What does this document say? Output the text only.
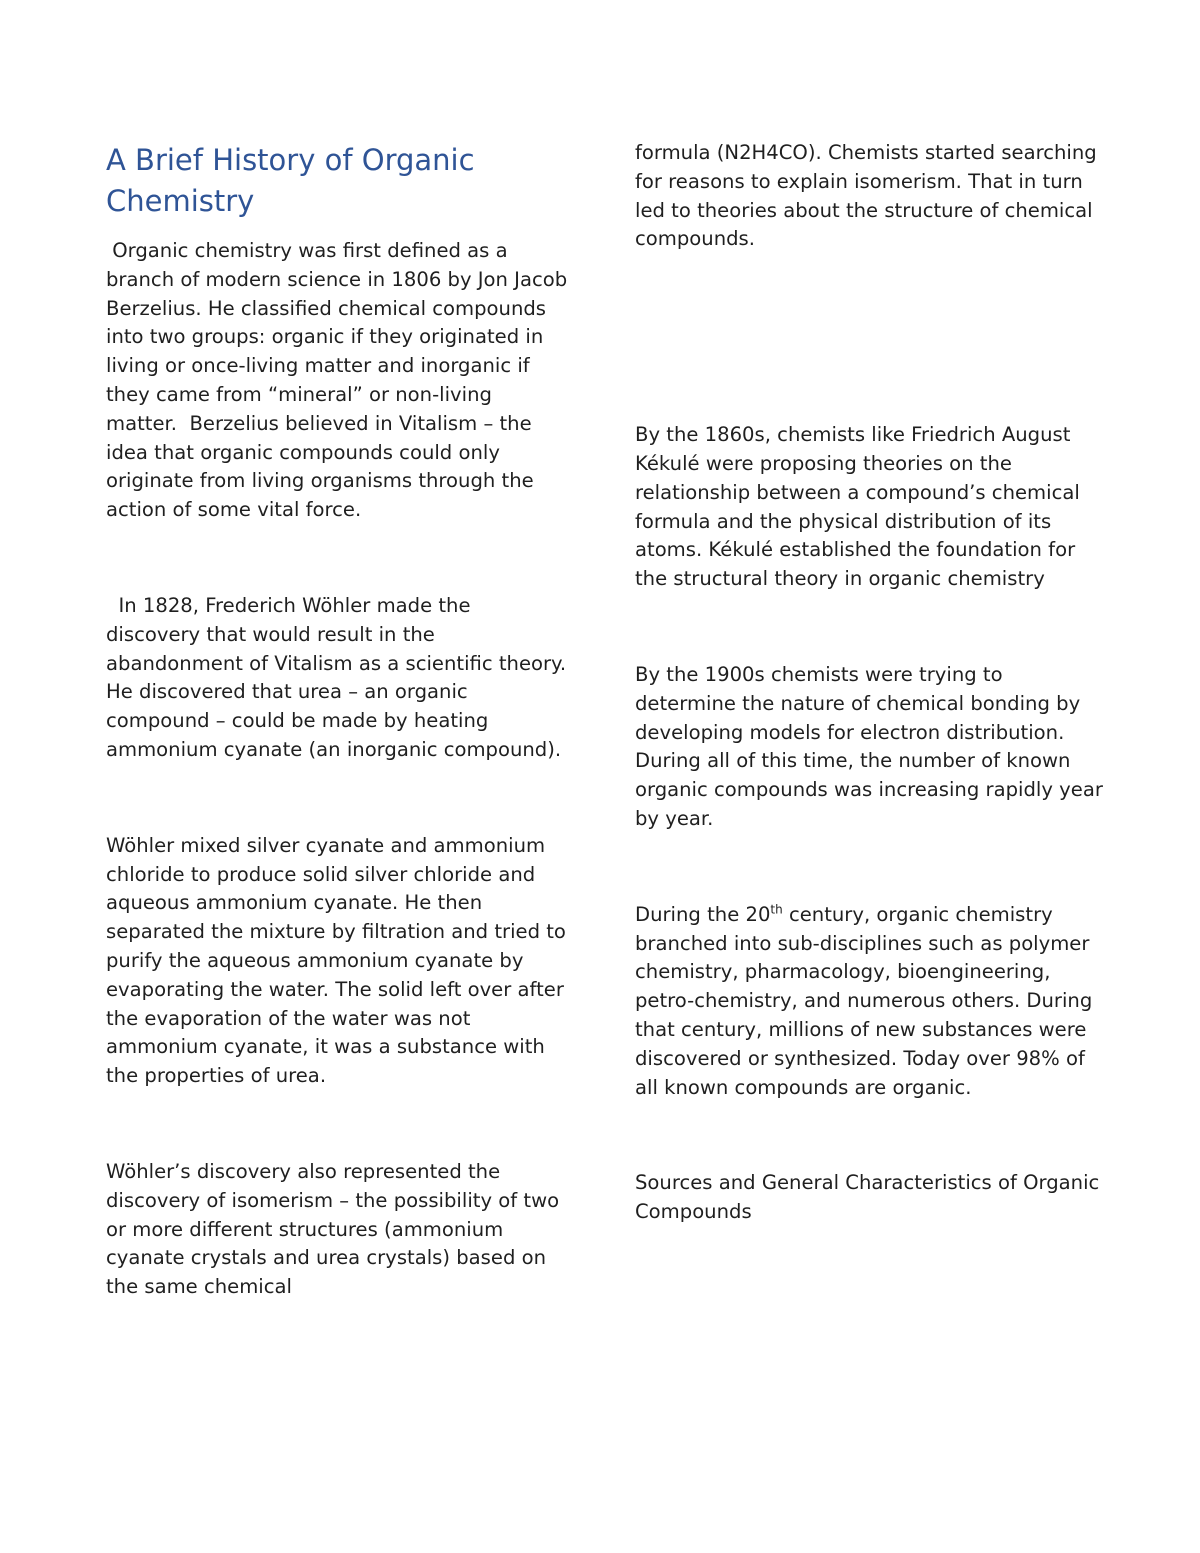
A Brief History of Organic Chemistry

Organic chemistry was first defined as a branch of modern science in 1806 by Jon Jacob Berzelius. He classified chemical compounds into two groups: organic if they originated in living or once-living matter and inorganic if they came from “mineral” or non-living matter.  Berzelius believed in Vitalism – the idea that organic compounds could only originate from living organisms through the action of some vital force.

In 1828, Frederich Wöhler made the discovery that would result in the abandonment of Vitalism as a scientific theory.  He discovered that urea – an organic compound – could be made by heating ammonium cyanate (an inorganic compound).

Wöhler mixed silver cyanate and ammonium chloride to produce solid silver chloride and aqueous ammonium cyanate. He then separated the mixture by filtration and tried to purify the aqueous ammonium cyanate by evaporating the water. The solid left over after the evaporation of the water was not ammonium cyanate, it was a substance with the properties of urea.

Wöhler’s discovery also represented the discovery of isomerism – the possibility of two or more different structures (ammonium cyanate crystals and urea crystals) based on the same chemical

formula (N2H4CO). Chemists started searching for reasons to explain isomerism. That in turn led to theories about the structure of chemical compounds.

By the 1860s, chemists like Friedrich August Kékulé were proposing theories on the relationship between a compound’s chemical formula and the physical distribution of its atoms. Kékulé established the foundation for the structural theory in organic chemistry

By the 1900s chemists were trying to determine the nature of chemical bonding by developing models for electron distribution. During all of this time, the number of known organic compounds was increasing rapidly year by year.

During the 20th century, organic chemistry branched into sub-disciplines such as polymer chemistry, pharmacology, bioengineering, petro-chemistry, and numerous others. During that century, millions of new substances were discovered or synthesized. Today over 98% of all known compounds are organic.

Sources and General Characteristics of Organic Compounds
